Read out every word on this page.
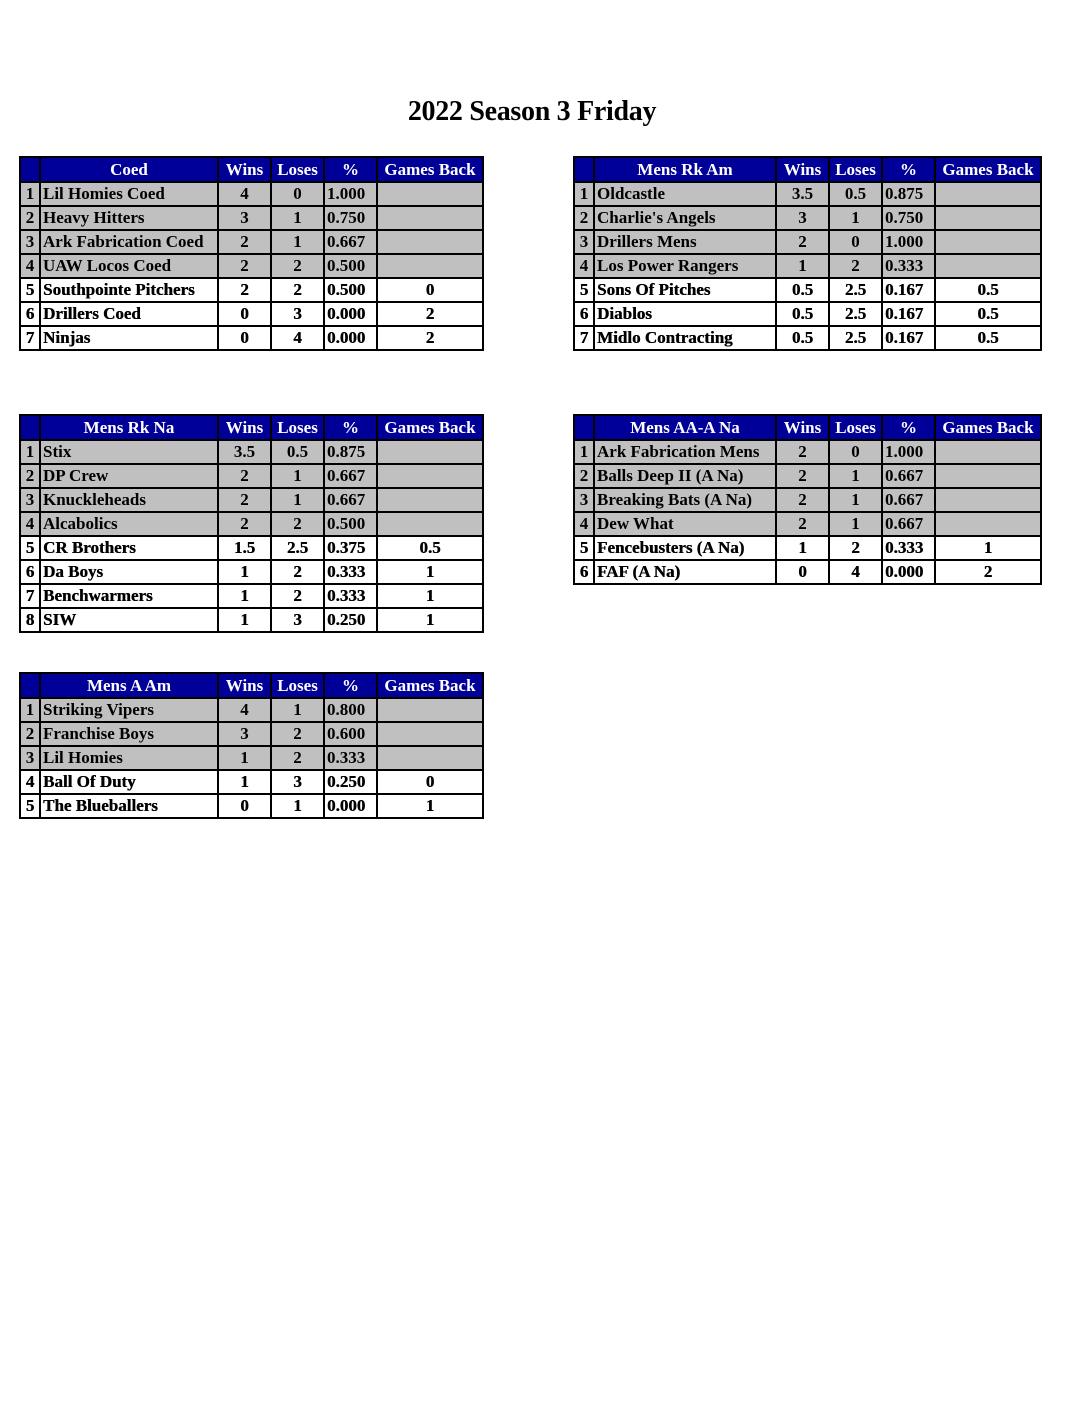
2022 Season 3 Friday
	Coed	Wins	Loses	%	Games Back
1	Lil Homies Coed	4	0	1.000	
2	Heavy Hitters	3	1	0.750	
3	Ark Fabrication Coed	2	1	0.667	
4	UAW Locos Coed	2	2	0.500	
5	Southpointe Pitchers	2	2	0.500	0
6	Drillers Coed	0	3	0.000	2
7	Ninjas	0	4	0.000	2
	Mens Rk Am	Wins	Loses	%	Games Back
1	Oldcastle	3.5	0.5	0.875	
2	Charlie's Angels	3	1	0.750	
3	Drillers Mens	2	0	1.000	
4	Los Power Rangers	1	2	0.333	
5	Sons Of Pitches	0.5	2.5	0.167	0.5
6	Diablos	0.5	2.5	0.167	0.5
7	Midlo Contracting	0.5	2.5	0.167	0.5
	Mens Rk Na	Wins	Loses	%	Games Back
1	Stix	3.5	0.5	0.875	
2	DP Crew	2	1	0.667	
3	Knuckleheads	2	1	0.667	
4	Alcabolics	2	2	0.500	
5	CR Brothers	1.5	2.5	0.375	0.5
6	Da Boys	1	2	0.333	1
7	Benchwarmers	1	2	0.333	1
8	SIW	1	3	0.250	1
	Mens AA-A Na	Wins	Loses	%	Games Back
1	Ark Fabrication Mens	2	0	1.000	
2	Balls Deep II (A Na)	2	1	0.667	
3	Breaking Bats (A Na)	2	1	0.667	
4	Dew What	2	1	0.667	
5	Fencebusters (A Na)	1	2	0.333	1
6	FAF (A Na)	0	4	0.000	2
	Mens A Am	Wins	Loses	%	Games Back
1	Striking Vipers	4	1	0.800	
2	Franchise Boys	3	2	0.600	
3	Lil Homies	1	2	0.333	
4	Ball Of Duty	1	3	0.250	0
5	The Blueballers	0	1	0.000	1
